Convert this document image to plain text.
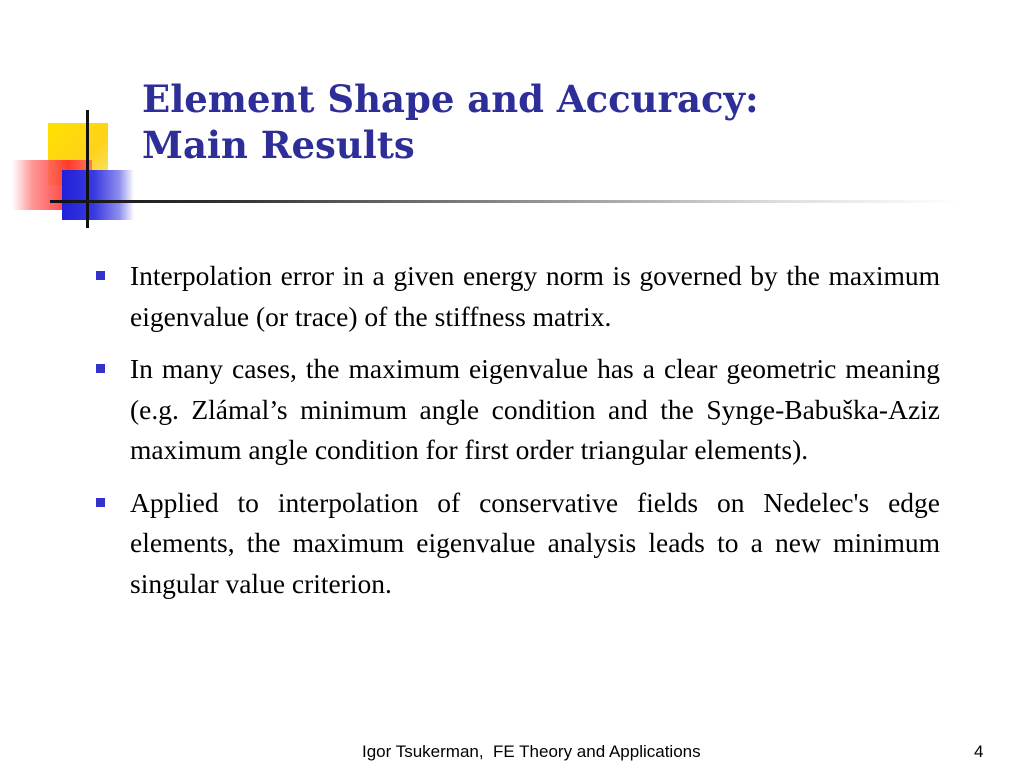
Element Shape and Accuracy:
Main Results
Interpolation error in a given energy norm is governed by the maximum eigenvalue (or trace) of the stiffness matrix.
In many cases, the maximum eigenvalue has a clear geometric meaning (e.g. Zlámal’s minimum angle condition and the Synge-Babuška-Aziz maximum angle condition for first order triangular elements).
Applied to interpolation of conservative fields on Nedelec's edge elements, the maximum eigenvalue analysis leads to a new minimum singular value criterion.
Igor Tsukerman,  FE Theory and Applications	4
